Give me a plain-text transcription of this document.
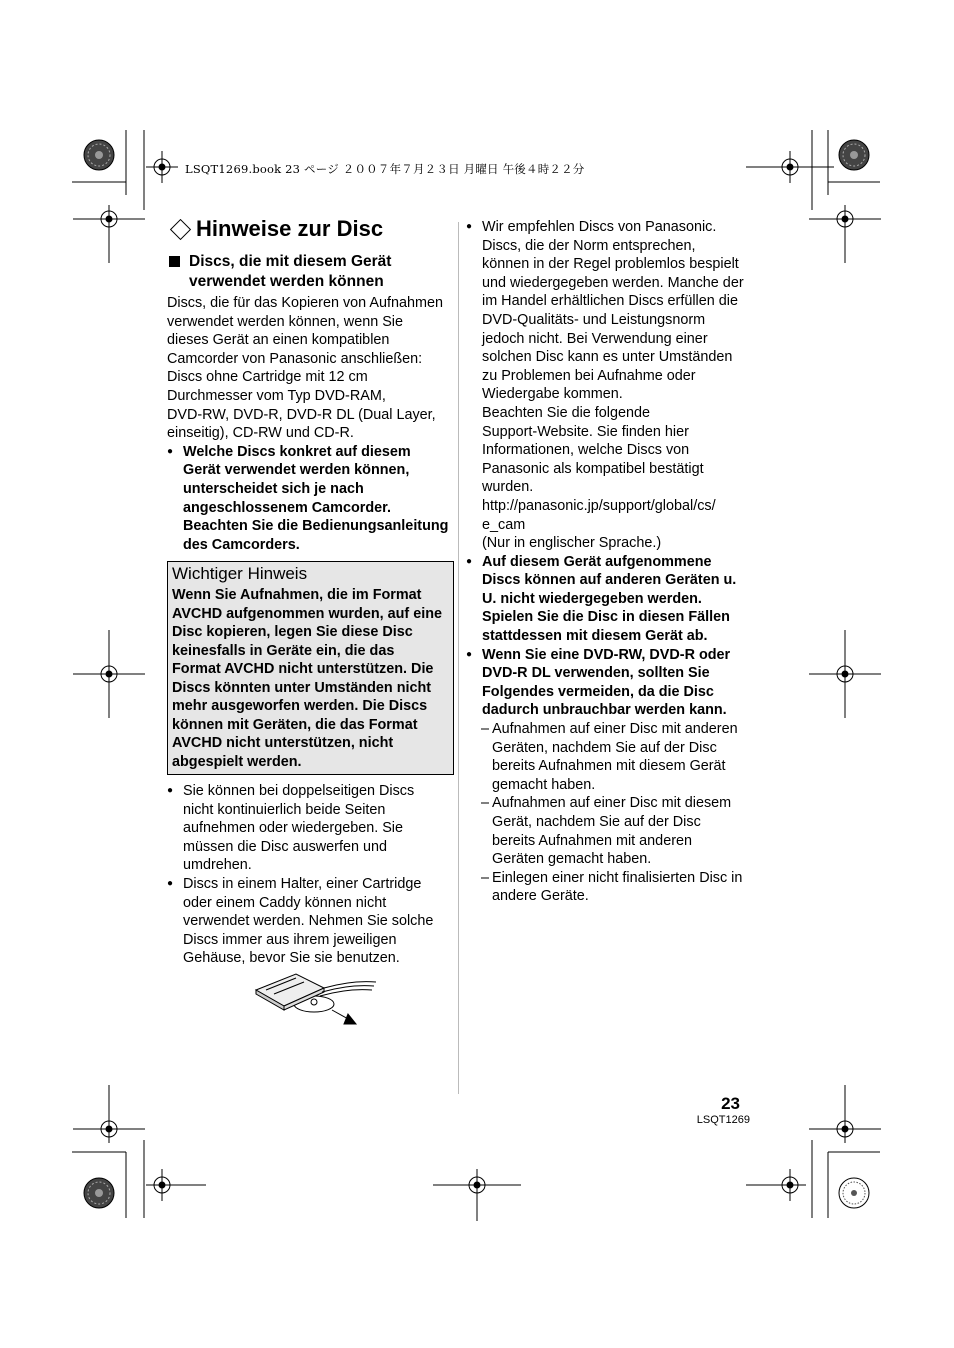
LSQT1269.book 23 ページ ２００７年７月２３日 月曜日 午後４時２２分
Hinweise zur Disc
Discs, die mit diesem Gerät verwendet werden können

Discs, die für das Kopieren von Aufnahmen

verwendet werden können, wenn Sie

dieses Gerät an einen kompatiblen

Camcorder von Panasonic anschließen:

Discs ohne Cartridge mit 12 cm

Durchmesser vom Typ DVD-RAM,

DVD-RW, DVD-R, DVD-R DL (Dual Layer,

einseitig), CD-RW und CD-R.

● Welche Discs konkret auf diesem

Gerät verwendet werden können,

unterscheidet sich je nach

angeschlossenem Camcorder.

Beachten Sie die Bedienungsanleitung

des Camcorders.

Wichtiger Hinweis

Wenn Sie Aufnahmen, die im Format

AVCHD aufgenommen wurden, auf eine

Disc kopieren, legen Sie diese Disc

keinesfalls in Geräte ein, die das

Format AVCHD nicht unterstützen. Die

Discs könnten unter Umständen nicht

mehr ausgeworfen werden. Die Discs

können mit Geräten, die das Format

AVCHD nicht unterstützen, nicht

abgespielt werden.

● Sie können bei doppelseitigen Discs

nicht kontinuierlich beide Seiten

aufnehmen oder wiedergeben. Sie

müssen die Disc auswerfen und

umdrehen.

● Discs in einem Halter, einer Cartridge

oder einem Caddy können nicht

verwendet werden. Nehmen Sie solche

Discs immer aus ihrem jeweiligen

Gehäuse, bevor Sie sie benutzen.

● Wir empfehlen Discs von Panasonic.

Discs, die der Norm entsprechen,

können in der Regel problemlos bespielt

und wiedergegeben werden. Manche der

im Handel erhältlichen Discs erfüllen die

DVD-Qualitäts- und Leistungsnorm

jedoch nicht. Bei Verwendung einer

solchen Disc kann es unter Umständen

zu Problemen bei Aufnahme oder

Wiedergabe kommen.

Beachten Sie die folgende

Support-Website. Sie finden hier

Informationen, welche Discs von

Panasonic als kompatibel bestätigt

wurden.

http://panasonic.jp/support/global/cs/

e_cam

(Nur in englischer Sprache.)

● Auf diesem Gerät aufgenommene

Discs können auf anderen Geräten u.

U. nicht wiedergegeben werden.

Spielen Sie die Disc in diesen Fällen

stattdessen mit diesem Gerät ab.

● Wenn Sie eine DVD-RW, DVD-R oder

DVD-R DL verwenden, sollten Sie

Folgendes vermeiden, da die Disc

dadurch unbrauchbar werden kann.

– Aufnahmen auf einer Disc mit anderen

Geräten, nachdem Sie auf der Disc

bereits Aufnahmen mit diesem Gerät

gemacht haben.

– Aufnahmen auf einer Disc mit diesem

Gerät, nachdem Sie auf der Disc

bereits Aufnahmen mit anderen

Geräten gemacht haben.

– Einlegen einer nicht finalisierten Disc in

andere Geräte.

23
LSQT1269
